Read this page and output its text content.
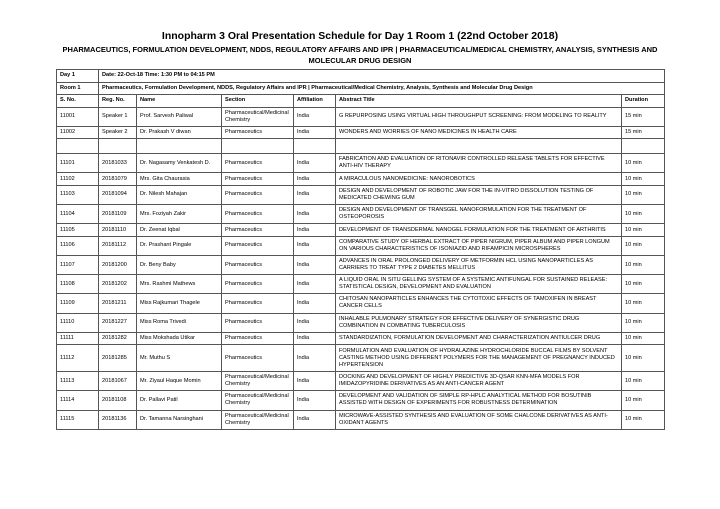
Innopharm 3 Oral Presentation Schedule for Day 1 Room 1 (22nd October 2018)
PHARMACEUTICS, FORMULATION DEVELOPMENT, NDDS, REGULATORY AFFAIRS AND IPR | PHARMACEUTICAL/MEDICAL CHEMISTRY, ANALYSIS, SYNTHESIS AND MOLECULAR DRUG DESIGN
Day 1	Date: 22-Oct-18 Time: 1:30 PM to 04:15 PM					
Room 1	Pharmaceutics, Formulation Development, NDDS, Regulatory Affairs and IPR | Pharmaceutical/Medical Chemistry, Analysis, Synthesis and Molecular Drug Design					
S. No.	Reg. No.	Name	Section	Affiliation	Abstract Title	Duration
11001	Speaker 1	Prof. Sarvesh Paliwal	Pharmaceutical/Medicinal Chemistry	India	G REPURPOSING USING VIRTUAL HIGH THROUGHPUT SCREENING: FROM MODELING TO REALITY	15 min
11002	Speaker 2	Dr. Prakash V diwan	Pharmaceutics	India	WONDERS AND WORRIES OF NANO MEDICINES IN HEALTH CARE	15 min

11101	20181033	Dr. Nagasamy Venkatesh D.	Pharmaceutics	India	FABRICATION AND EVALUATION OF RITONAVIR CONTROLLED RELEASE TABLETS FOR EFFECTIVE ANTI-HIV THERAPY	10 min
11102	20181079	Mrs. Gita Chaurasia	Pharmaceutics	India	A MIRACULOUS NANOMEDICINE: NANOROBOTICS	10 min
11103	20181094	Dr. Nilesh Mahajan	Pharmaceutics	India	DESIGN AND DEVELOPMENT OF ROBOTIC JAW FOR THE IN-VITRO DISSOLUTION TESTING OF MEDICATED CHEWING GUM	10 min
11104	20181109	Mrs. Foziyah Zakir	Pharmaceutics	India	DESIGN AND DEVELOPMENT OF TRANSGEL NANOFORMULATION FOR THE TREATMENT OF OSTEOPOROSIS	10 min
11105	20181110	Dr. Zeenat Iqbal	Pharmaceutics	India	DEVELOPMENT OF TRANSDERMAL NANOGEL FORMULATION FOR THE TREATMENT OF ARTHRITIS	10 min
11106	20181112	Dr. Prashant Pingale	Pharmaceutics	India	COMPARATIVE STUDY OF HERBAL EXTRACT OF PIPER NIGRUM, PIPER ALBUM AND PIPER LONGUM ON VARIOUS CHARACTERISTICS OF ISONIAZID AND RIFAMPICIN MICROSPHERES	10 min
11107	20181200	Dr. Beny Baby	Pharmaceutics	India	ADVANCES IN ORAL PROLONGED DELIVERY OF METFORMIN HCL USING NANOPARTICLES AS CARRIERS TO TREAT TYPE 2 DIABETES MELLITUS	10 min
11108	20181202	Mrs. Rashmi Mathews	Pharmaceutics	India	A LIQUID ORAL IN SITU GELLING SYSTEM OF A SYSTEMIC ANTIFUNGAL FOR SUSTAINED RELEASE: STATISTICAL DESIGN, DEVELOPMENT AND EVALUATION	10 min
11109	20181211	Miss Rajkumari Thagele	Pharmaceutics	India	CHITOSAN NANOPARTICLES ENHANCES THE CYTOTOXIC EFFECTS OF TAMOXIFEN IN BREAST CANCER CELLS	10 min
11110	20181227	Miss Roma Trivedi	Pharmaceutics	India	INHALABLE PULMONARY STRATEGY FOR EFFECTIVE DELIVERY OF SYNERGISTIC DRUG COMBINATION IN COMBATING TUBERCULOSIS	10 min
11111	20181282	Miss Mokshada Utikar	Pharmaceutics	India	STANDARDIZATION, FORMULATION DEVELOPMENT AND CHARACTERIZATION ANTIULCER DRUG	10 min
11112	20181285	Mr. Muthu S	Pharmaceutics	India	FORMULATION AND EVALUATION OF HYDRALAZINE HYDROCHLORIDE BUCCAL FILMS BY SOLVENT CASTING METHOD USING DIFFERENT POLYMERS FOR THE MANAGEMENT OF PREGNANCY INDUCED HYPERTENSION	10 min
11113	20181067	Mr. Ziyaul Haque Momin	Pharmaceutical/Medicinal Chemistry	India	DOCKING AND DEVELOPMENT OF HIGHLY PREDICTIVE 3D-QSAR KNN-MFA MODELS FOR IMIDAZOPYRIDINE DERIVATIVES AS AN ANTI-CANCER AGENT	10 min
11114	20181108	Dr. Pallavi Patil	Pharmaceutical/Medicinal Chemistry	India	DEVELOPMENT AND VALIDATION OF SIMPLE RP-HPLC ANALYTICAL METHOD FOR BOSUTINIB ASSISTED WITH DESIGN OF EXPERIMENTS FOR ROBUSTNESS DETERMINATION	10 min
11115	20181136	Dr. Tamanna Narsinghani	Pharmaceutical/Medicinal Chemistry	India	MICROWAVE-ASSISTED SYNTHESIS AND EVALUATION OF SOME CHALCONE DERIVATIVES AS ANTI-OXIDANT AGENTS	10 min
